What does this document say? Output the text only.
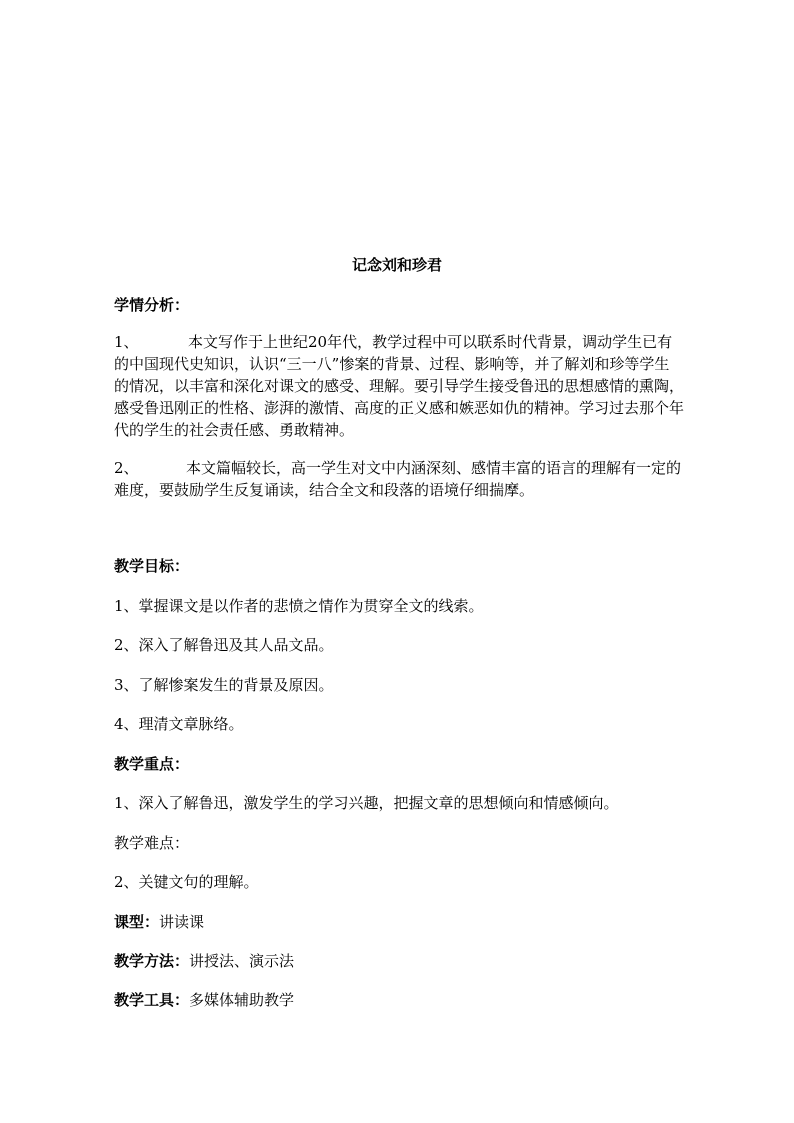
记念刘和珍君
学情分析：
1、	本文写作于上世纪20年代，教学过程中可以联系时代背景，调动学生已有的中国现代史知识，认识“三一八”惨案的背景、过程、影响等，并了解刘和珍等学生的情况，以丰富和深化对课文的感受、理解。要引导学生接受鲁迅的思想感情的熏陶，感受鲁迅刚正的性格、澎湃的激情、高度的正义感和嫉恶如仇的精神。学习过去那个年代的学生的社会责任感、勇敢精神。
2、	本文篇幅较长，高一学生对文中内涵深刻、感情丰富的语言的理解有一定的难度，要鼓励学生反复诵读，结合全文和段落的语境仔细揣摩。
教学目标：
1、掌握课文是以作者的悲愤之情作为贯穿全文的线索。
2、深入了解鲁迅及其人品文品。
3、了解惨案发生的背景及原因。
4、理清文章脉络。
教学重点：
1、深入了解鲁迅，激发学生的学习兴趣，把握文章的思想倾向和情感倾向。
教学难点：
2、关键文句的理解。
课型：讲读课
教学方法：讲授法、演示法
教学工具：多媒体辅助教学
